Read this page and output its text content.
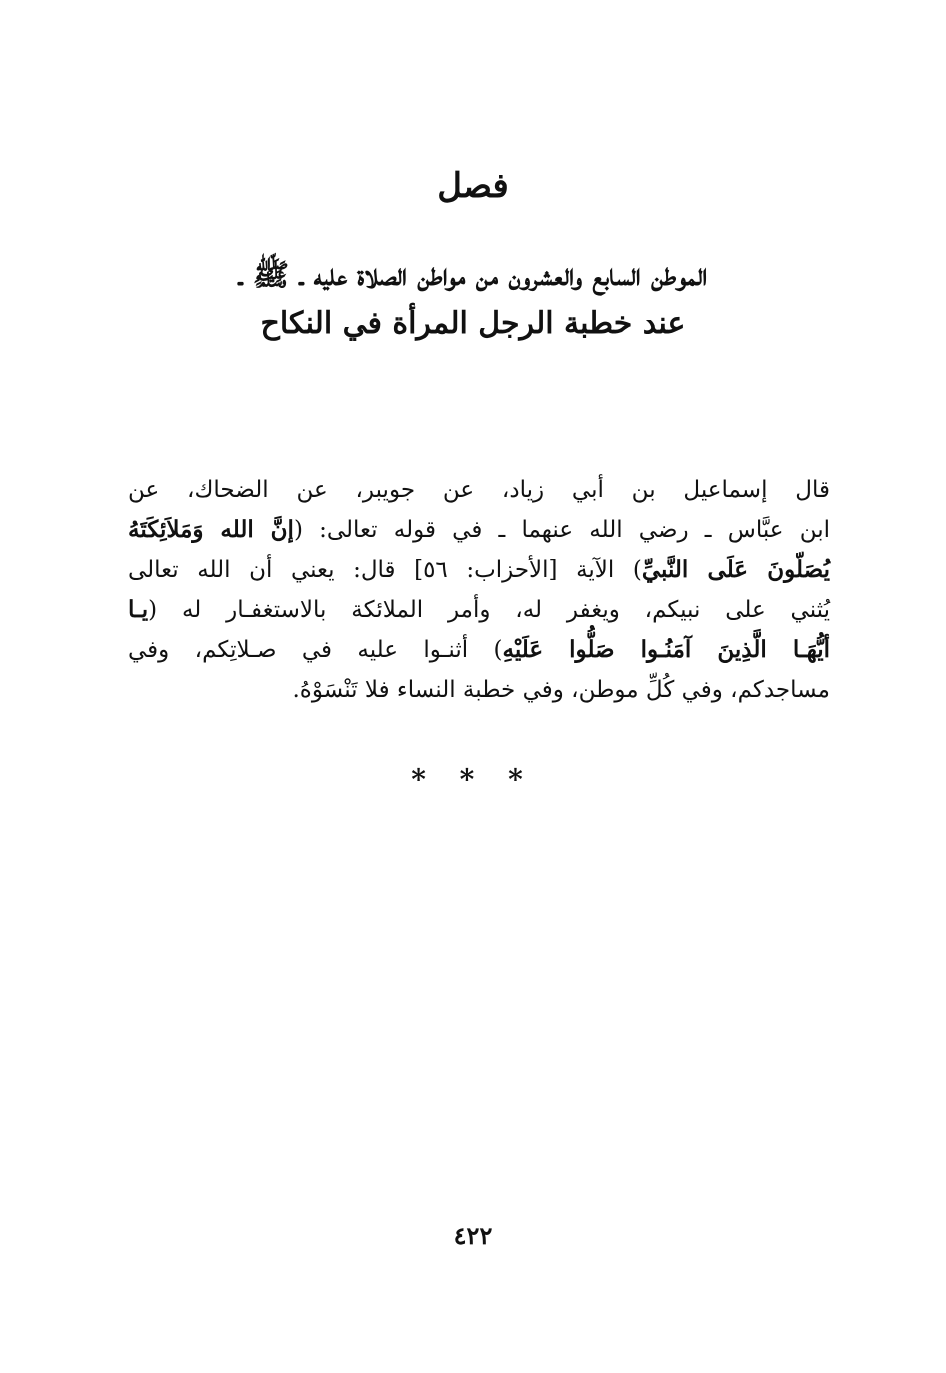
فصل
الموطن السابع والعشرون من مواطن الصلاة عليه ـ ﷺ ـ
عند خطبة الرجل المرأة في النكاح
قال إسماعيل بن أبي زياد، عن جويبر، عن الضحاك، عن
ابن عبَّاس ـ رضي الله عنهما ـ في قوله تعالى: (إنَّ الله وَمَلاَئِكَتَهُ
يُصَلّونَ عَلَى النَّبيِّ) الآية [الأحزاب: ٥٦] قال: يعني أن الله تعالى
يُثني على نبيكم، ويغفر له، وأمر الملائكة بالاستغفـار له (يـا
أيُّهَـا الَّذِينَ آمَنُـوا صَلُّوا عَلَيْهِ) أثنـوا عليه في صـلاتِكم، وفي
مساجدكم، وفي كُلِّ موطن، وفي خطبة النساء فلا تَنْسَوْهُ.
* * *
٤٢٢
